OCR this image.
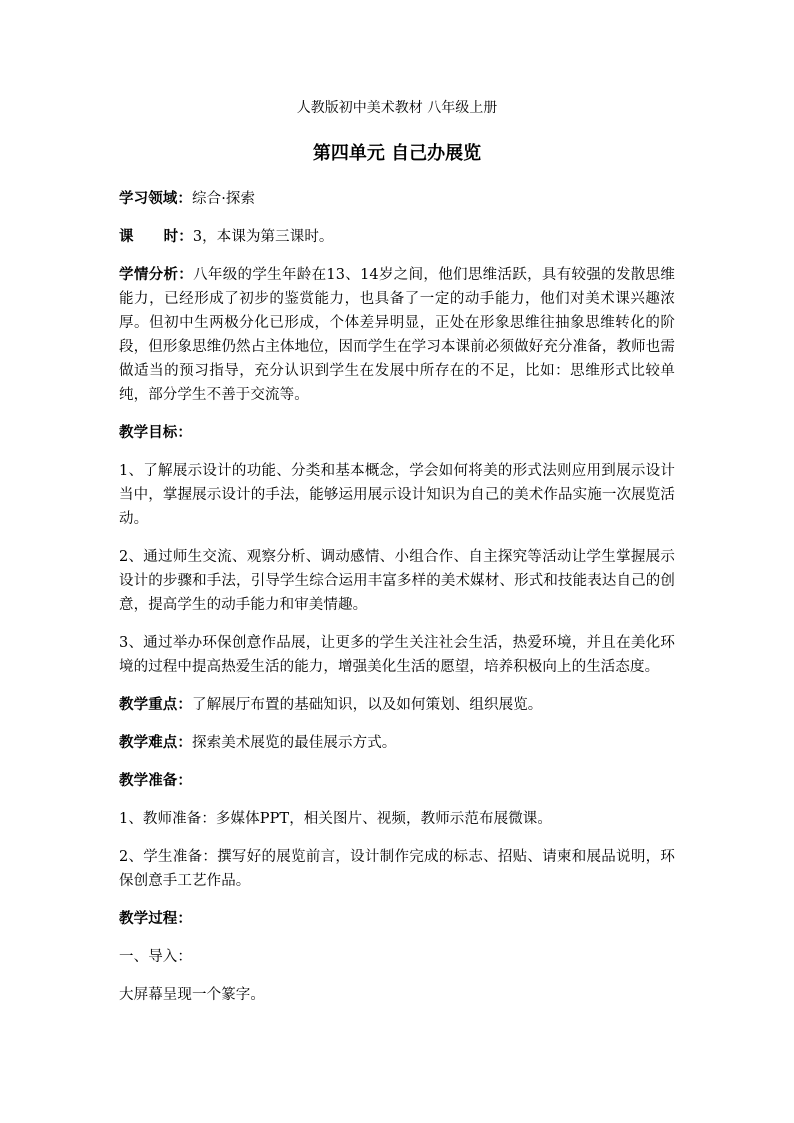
人教版初中美术教材 八年级上册

第四单元 自己办展览

学习领域：综合·探索

课 时：3，本课为第三课时。

学情分析：八年级的学生年龄在13、14岁之间，他们思维活跃，具有较强的发散思维能力，已经形成了初步的鉴赏能力，也具备了一定的动手能力，他们对美术课兴趣浓厚。但初中生两极分化已形成，个体差异明显，正处在形象思维往抽象思维转化的阶段，但形象思维仍然占主体地位，因而学生在学习本课前必须做好充分准备，教师也需做适当的预习指导，充分认识到学生在发展中所存在的不足，比如：思维形式比较单纯，部分学生不善于交流等。

教学目标：

1、了解展示设计的功能、分类和基本概念，学会如何将美的形式法则应用到展示设计当中，掌握展示设计的手法，能够运用展示设计知识为自己的美术作品实施一次展览活动。

2、通过师生交流、观察分析、调动感情、小组合作、自主探究等活动让学生掌握展示设计的步骤和手法，引导学生综合运用丰富多样的美术媒材、形式和技能表达自己的创意，提高学生的动手能力和审美情趣。

3、通过举办环保创意作品展，让更多的学生关注社会生活，热爱环境，并且在美化环境的过程中提高热爱生活的能力，增强美化生活的愿望，培养积极向上的生活态度。

教学重点：了解展厅布置的基础知识，以及如何策划、组织展览。

教学难点：探索美术展览的最佳展示方式。

教学准备：

1、教师准备：多媒体PPT，相关图片、视频，教师示范布展微课。

2、学生准备：撰写好的展览前言，设计制作完成的标志、招贴、请柬和展品说明，环保创意手工艺作品。

教学过程：

一、导入：

大屏幕呈现一个篆字。
